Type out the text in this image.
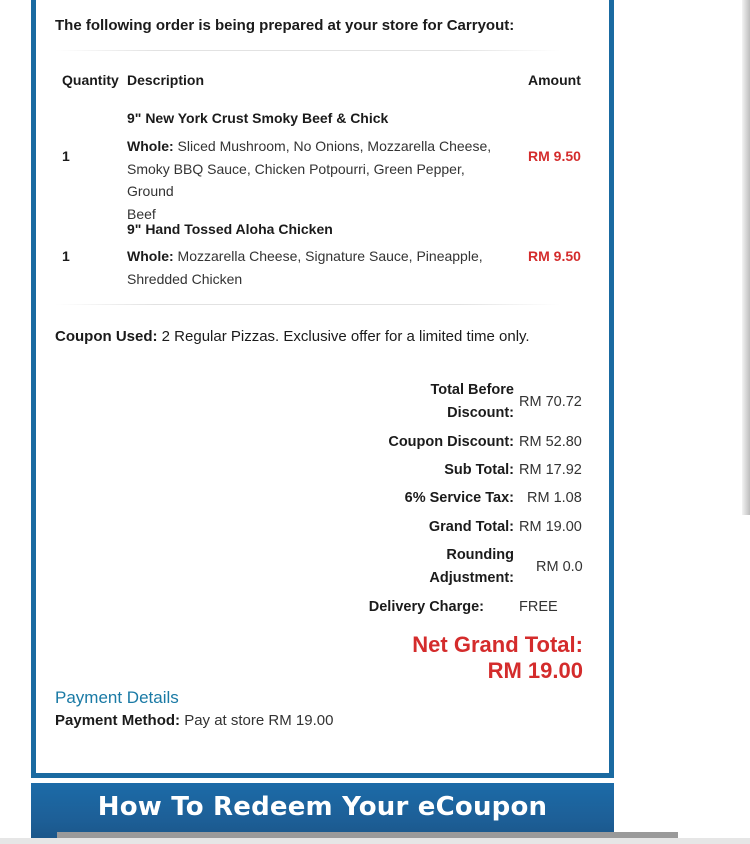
The following order is being prepared at your store for Carryout:
Quantity Description	Amount
1
9" New York Crust Smoky Beef & Chick
Whole: Sliced Mushroom, No Onions, Mozzarella Cheese,
Smoky BBQ Sauce, Chicken Potpourri, Green Pepper, Ground
Beef
RM 9.50
1
9" Hand Tossed Aloha Chicken
Whole: Mozzarella Cheese, Signature Sauce, Pineapple,
Shredded Chicken
RM 9.50
Coupon Used: 2 Regular Pizzas. Exclusive offer for a limited time only.
Total Before
Discount:
RM 70.72
Coupon Discount: RM 52.80
Sub Total: RM 17.92
6% Service Tax: RM 1.08
Grand Total: RM 19.00
Rounding
Adjustment:
RM 0.0
Delivery Charge: FREE
Net Grand Total:
RM 19.00
Payment Details
Payment Method: Pay at store RM 19.00
How To Redeem Your eCoupon
